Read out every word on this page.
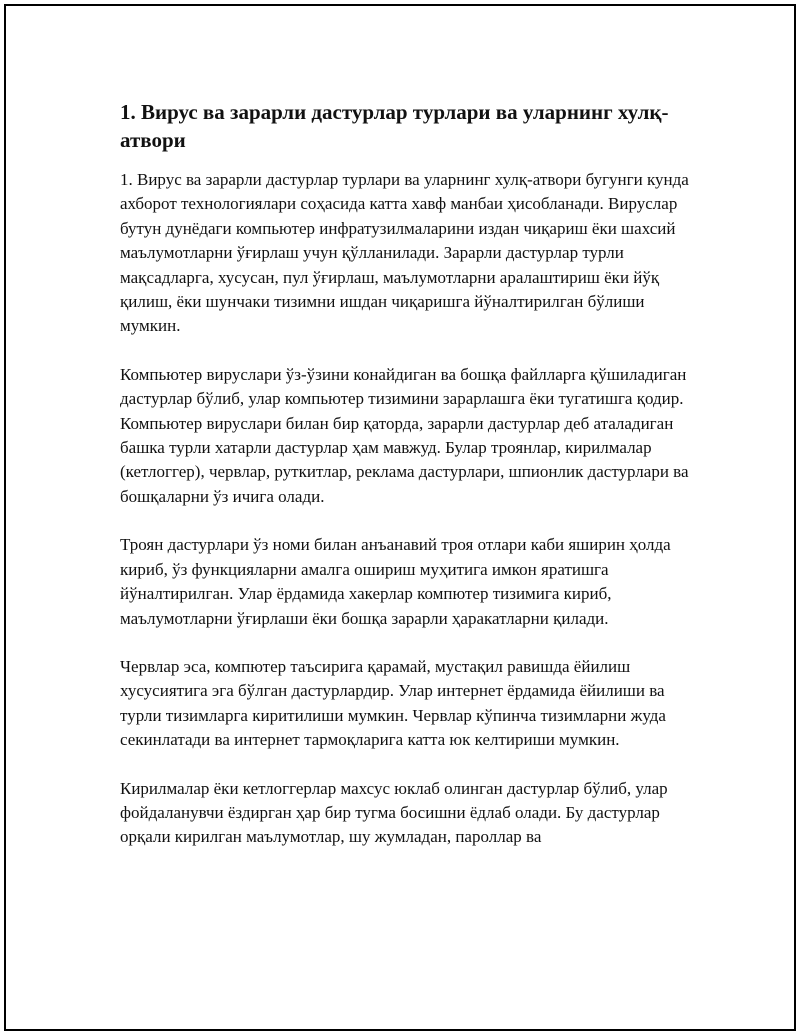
1. Вирус ва зарарли дастурлар турлари ва уларнинг хулқ-атвори

1. Вирус ва зарарли дастурлар турлари ва уларнинг хулқ-атвори бугунги кунда ахборот технологиялари соҳасида катта хавф манбаи ҳисобланади. Вируслар бутун дунёдаги компьютер инфратузилмаларини издан чиқариш ёки шахсий маълумотларни ўғирлаш учун қўлланилади. Зарарли дастурлар турли мақсадларга, хусусан, пул ўғирлаш, маълумотларни аралаштириш ёки йўқ қилиш, ёки шунчаки тизимни ишдан чиқаришга йўналтирилган бўлиши мумкин.

Компьютер вируслари ўз-ўзини конайдиган ва бошқа файлларга қўшиладиган дастурлар бўлиб, улар компьютер тизимини зарарлашга ёки тугатишга қодир. Компьютер вируслари билан бир қаторда, зарарли дастурлар деб аталадиган башка турли хатарли дастурлар ҳам мавжуд. Булар троянлар, кирилмалар (кетлоггер), червлар, руткитлар, реклама дастурлари, шпионлик дастурлари ва бошқаларни ўз ичига олади.

Троян дастурлари ўз номи билан анъанавий троя отлари каби яширин ҳолда кириб, ўз функцияларни амалга ошириш муҳитига имкон яратишга йўналтирилган. Улар ёрдамида хакерлар компютер тизимига кириб, маълумотларни ўғирлаши ёки бошқа зарарли ҳаракатларни қилади.

Червлар эса, компютер таъсирига қарамай, мустақил равишда ёйилиш хусусиятига эга бўлган дастурлардир. Улар интернет ёрдамида ёйилиши ва турли тизимларга киритилиши мумкин. Червлар кўпинча тизимларни жуда секинлатади ва интернет тармоқларига катта юк келтириши мумкин.

Кирилмалар ёки кетлоггерлар махсус юклаб олинган дастурлар бўлиб, улар фойдаланувчи ёздирган ҳар бир тугма босишни ёдлаб олади. Бу дастурлар орқали кирилган маълумотлар, шу жумладан, пароллар ва
